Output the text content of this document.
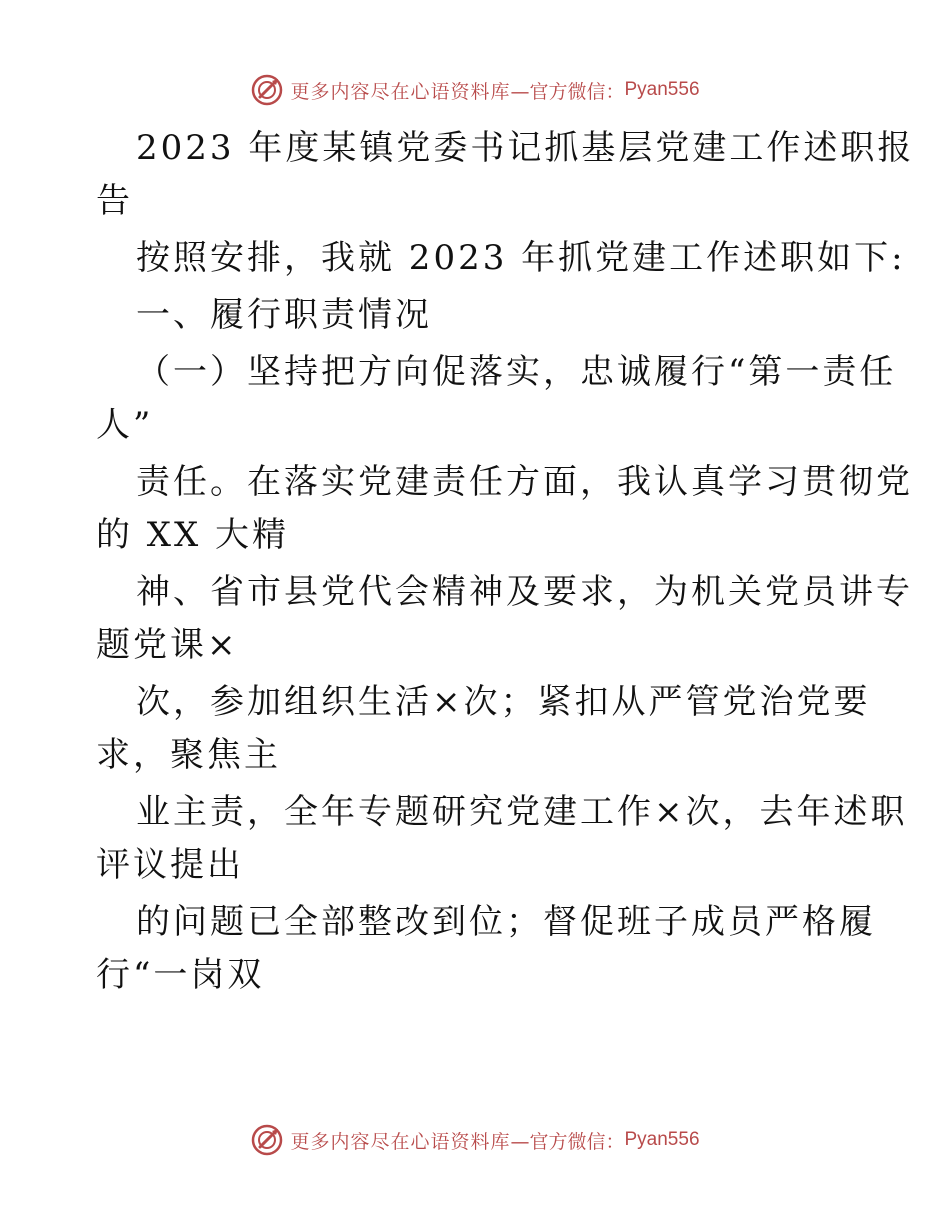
更多内容尽在心语资料库 —官方微信： Pyan556
2023 年度某镇党委书记抓基层党建工作述职报
告
按照安排，我就 2023 年抓党建工作述职如下:
一、履行职责情况
（一）坚持把方向促落实，忠诚履行“第一责任
人”
责任。在落实党建责任方面，我认真学习贯彻党
的 XX 大精
神、省市县党代会精神及要求，为机关党员讲专
题党课×
次，参加组织生活×次；紧扣从严管党治党要
求，聚焦主
业主责，全年专题研究党建工作×次，去年述职
评议提出
的问题已全部整改到位；督促班子成员严格履
行“一岗双
更多内容尽在心语资料库 —官方微信： Pyan556
